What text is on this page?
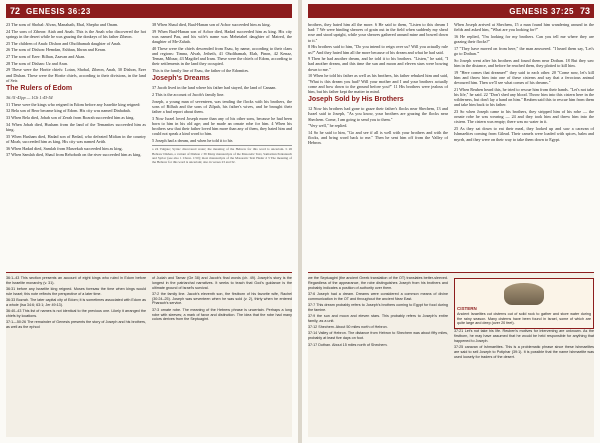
72 GENESIS 36:23

23 The sons of Shobal: Alvan, Manahath, Ebal, Shepho and Onam.

24 The sons of Zibeon: Aiah and Anah. This is the Anah who discovered the hot springs in the desert while he was grazing the donkeys of his father Zibeon.

25 The children of Anah: Dishon and Oholibamah daughter of Anah.

26 The sons of Dishon: Hemdan, Eshban, Ithran and Keran.

27 The sons of Ezer: Bilhan, Zaavan and Akan.

28 The sons of Dishan: Uz and Aran.

29 These were the Horite chiefs: Lotan, Shobal, Zibeon, Anah, 30 Dishon, Ezer and Dishan. These were the Horite chiefs, according to their divisions, in the land of Seir.

The Rulers of Edom

36:31-43pp — 1Ch 1:43-54

31 These were the kings who reigned in Edom before any Israelite king reigned:

32 Bela son of Beor became king of Edom. His city was named Dinhabah.

33 When Bela died, Jobab son of Zerah from Bozrah succeeded him as king.

34 When Jobab died, Husham from the land of the Temanites succeeded him as king.

35 When Husham died, Hadad son of Bedad, who defeated Midian in the country of Moab, succeeded him as king. His city was named Avith.

36 When Hadad died, Samlah from Masrekah succeeded him as king.

37 When Samlah died, Shaul from Rehoboth on the river succeeded him as king.

38 When Shaul died, Baal-Hanan son of Acbor succeeded him as king.

39 When Baal-Hanan son of Acbor died, Hadad succeeded him as king. His city was named Pau, and his wife's name was Mehetabel daughter of Matred, the daughter of Me-Zahab.

40 These were the chiefs descended from Esau, by name, according to their clans and regions: Timna, Alvah, Jetheth, 41 Oholibamah, Elah, Pinon, 42 Kenaz, Teman, Mibzar, 43 Magdiel and Iram. These were the chiefs of Edom, according to their settlements in the land they occupied.

This is the family line of Esau, the father of the Edomites.

Joseph's Dreams

37 Jacob lived in the land where his father had stayed, the land of Canaan.

2 This is the account of Jacob's family line.

Joseph, a young man of seventeen, was tending the flocks with his brothers, the sons of Bilhah and the sons of Zilpah, his father's wives, and he brought their father a bad report about them.

3 Now Israel loved Joseph more than any of his other sons, because he had been born to him in his old age; and he made an ornate robe for him. 4 When his brothers saw that their father loved him more than any of them, they hated him and could not speak a kind word to him.

5 Joseph had a dream, and when he told it to his

a 24 Vulgate; Syriac discovered water; the meaning of the Hebrew for this word is uncertain. b 26 Hebrew Dishan, a variant of Dishon c 39 Many manuscripts of the Masoretic Text, Samaritan Pentateuch and Syriac (see also 1 Chron. 1:50); most manuscripts of the Masoretic Text Hadar d 3 The meaning of the Hebrew for this word is uncertain; also in verses 23 and 32.

36:1–43 This section presents an account of eight kings who ruled in Edom before the Israelite monarchy (v. 31).

36:31 before any Israelite king reigned. Moses foresaw the time when kings would rule Israel; this note reflects the perspective of a later time.

36:33 Bozrah. The later capital city of Edom; it is sometimes associated with Edom as a whole (Isa 34:6; 63:1; Jer 49:13).

36:40–43 This list of names is not identical to the previous one. Likely it arranged the chiefs by locations.

37:1—50:26 The remainder of Genesis presents the story of Joseph and his brothers, as well as the ephod

of Judah and Tamar (Ge 38) and Jacob's final words (ch. 49). Joseph's story is the longest in the patriarchal narratives. It seeks to teach that God's guidance is the ultimate ground of Israel's survival.

37:2 the family line. Jacob's eleventh son, the firstborn of his favorite wife, Rachel (30:24–25). Joseph was seventeen when he was sold (v. 2), thirty when he entered Pharaoh's service.

37:3 ornate robe. The meaning of the Hebrew phrase is uncertain. Perhaps a long robe with sleeves; a mark of favor and distinction. The idea that the robe had many colors derives from the Septuagint.

GENESIS 37:25 73

brothers, they hated him all the more. 6 He said to them, "Listen to this dream I had: 7 We were binding sheaves of grain out in the field when suddenly my sheaf rose and stood upright, while your sheaves gathered around mine and bowed down to it."

8 His brothers said to him, "Do you intend to reign over us? Will you actually rule us?" And they hated him all the more because of his dream and what he had said.

9 Then he had another dream, and he told it to his brothers. "Listen," he said, "I had another dream, and this time the sun and moon and eleven stars were bowing down to me."

10 When he told his father as well as his brothers, his father rebuked him and said, "What is this dream you had? Will your mother and I and your brothers actually come and bow down to the ground before you?" 11 His brothers were jealous of him, but his father kept the matter in mind.

Joseph Sold by His Brothers

12 Now his brothers had gone to graze their father's flocks near Shechem, 13 and Israel said to Joseph, "As you know, your brothers are grazing the flocks near Shechem. Come, I am going to send you to them."

"Very well," he replied.

14 So he said to him, "Go and see if all is well with your brothers and with the flocks, and bring word back to me." Then he sent him off from the Valley of Hebron.

When Joseph arrived at Shechem, 15 a man found him wandering around in the fields and asked him, "What are you looking for?"

16 He replied, "I'm looking for my brothers. Can you tell me where they are grazing their flocks?"

17 "They have moved on from here," the man answered. "I heard them say, 'Let's go to Dothan.'"

So Joseph went after his brothers and found them near Dothan. 18 But they saw him in the distance, and before he reached them, they plotted to kill him.

19 "Here comes that dreamer!" they said to each other. 20 "Come now, let's kill him and throw him into one of these cisterns and say that a ferocious animal devoured him. Then we'll see what comes of his dreams."

21 When Reuben heard this, he tried to rescue him from their hands. "Let's not take his life," he said. 22 "Don't shed any blood. Throw him into this cistern here in the wilderness, but don't lay a hand on him." Reuben said this to rescue him from them and take him back to his father.

23 So when Joseph came to his brothers, they stripped him of his robe — the ornate robe he was wearing — 24 and they took him and threw him into the cistern. The cistern was empty; there was no water in it.

25 As they sat down to eat their meal, they looked up and saw a caravan of Ishmaelites coming from Gilead. Their camels were loaded with spices, balm and myrrh, and they were on their way to take them down to Egypt.

we the Septuagint (the ancient Greek translation of the OT) translates better-sleeved. Regardless of the appearance, the robe distinguishes Joseph from his brothers and probably indicates a position of authority over them.

37:6 Joseph had a dream. Dreams were considered a common means of divine communication in the OT and throughout the ancient Near East.

37:7 This dream probably refers to Joseph's brothers coming to Egypt for food during the famine.

37:9 the sun and moon and eleven stars. This probably refers to Joseph's entire family, as a unit.

37:12 Shechem. About 50 miles north of Hebron.

37:14 Valley of Hebron. The distance from Hebron to Shechem was about fifty miles, probably at least five days on foot.

37:17 Dothan. About 15 miles north of Shechem.

CISTERN
Ancient Israelites cut cisterns out of solid rock to gather and store water during the rainy season. Many cisterns have been found in Israel, some of which are quite large and deep (over 20 feet).

37:21 Let's not take his life. Reuben's motives for intervening are unknown. As the firstborn, he may have assumed that he would be held responsible for anything that happened to Joseph.

37:25 caravan of Ishmaelites. This is a problematic phrase since these Ishmaelites are said to sell Joseph to Potiphar (39:1). It is possible that the name Ishmaelite was used loosely for traders of the desert.
